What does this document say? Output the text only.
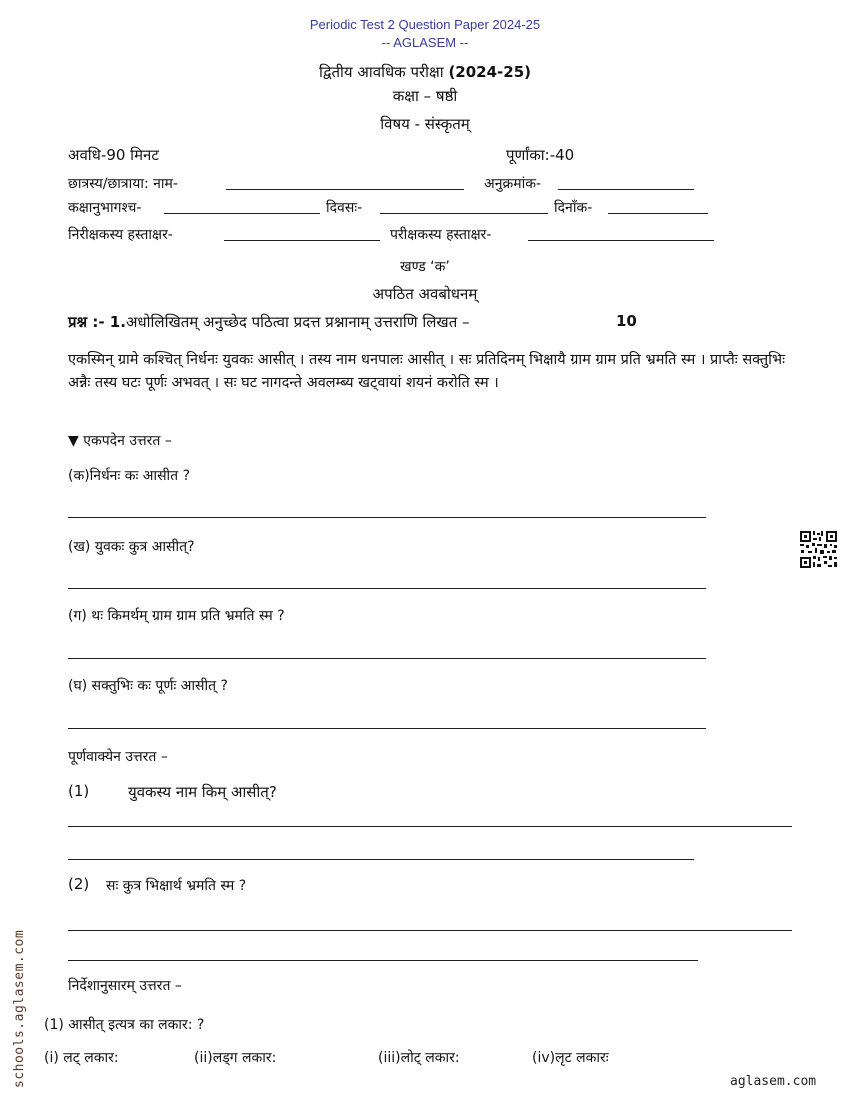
Periodic Test 2 Question Paper 2024-25
-- AGLASEM --
द्वितीय आवधिक परीक्षा (2024-25)
कक्षा – षष्ठी
विषय - संस्कृतम्
अवधि-90 मिनट	पूर्णांका:-40
छात्रस्य/छात्राया: नाम-	अनुक्रमांक-
कक्षानुभागश्च-	दिवसः-	दिनाँक-
निरीक्षकस्य हस्ताक्षर-	परीक्षकस्य हस्ताक्षर-
खण्ड ‘क’
अपठित अवबोधनम्
प्रश्न :- 1.अधोलिखितम् अनुच्छेद पठित्वा प्रदत्त प्रश्नानाम् उत्तराणि लिखत –	10
एकस्मिन् ग्रामे कश्चित् निर्धनः युवकः आसीत् । तस्य नाम धनपालः आसीत् । सः प्रतिदिनम् भिक्षायै ग्राम ग्राम प्रति भ्रमति स्म । प्राप्तैः सक्तुभिः अन्नैः तस्य घटः पूर्णः अभवत् । सः घट नागदन्ते अवलम्ब्य खट्वायां शयनं करोति स्म ।
▼ एकपदेन उत्तरत –
(क)निर्धनः कः आसीत ?
(ख) युवकः कुत्र आसीत्?
(ग) थः किमर्थम् ग्राम ग्राम प्रति भ्रमति स्म ?
(घ) सक्तुभिः कः पूर्णः आसीत् ?
पूर्णवाक्येन उत्तरत –
(1)	युवकस्य नाम किम् आसीत्?
(2) सः कुत्र भिक्षार्थ भ्रमति स्म ?
निर्देशानुसारम् उत्तरत –
(1) आसीत् इत्यत्र का लकार: ?
(i) लट् लकार:	(ii)लड्ग लकार:	(iii)लोट् लकार:	(iv)लृट लकारः
schools.aglasem.com	aglasem.com
